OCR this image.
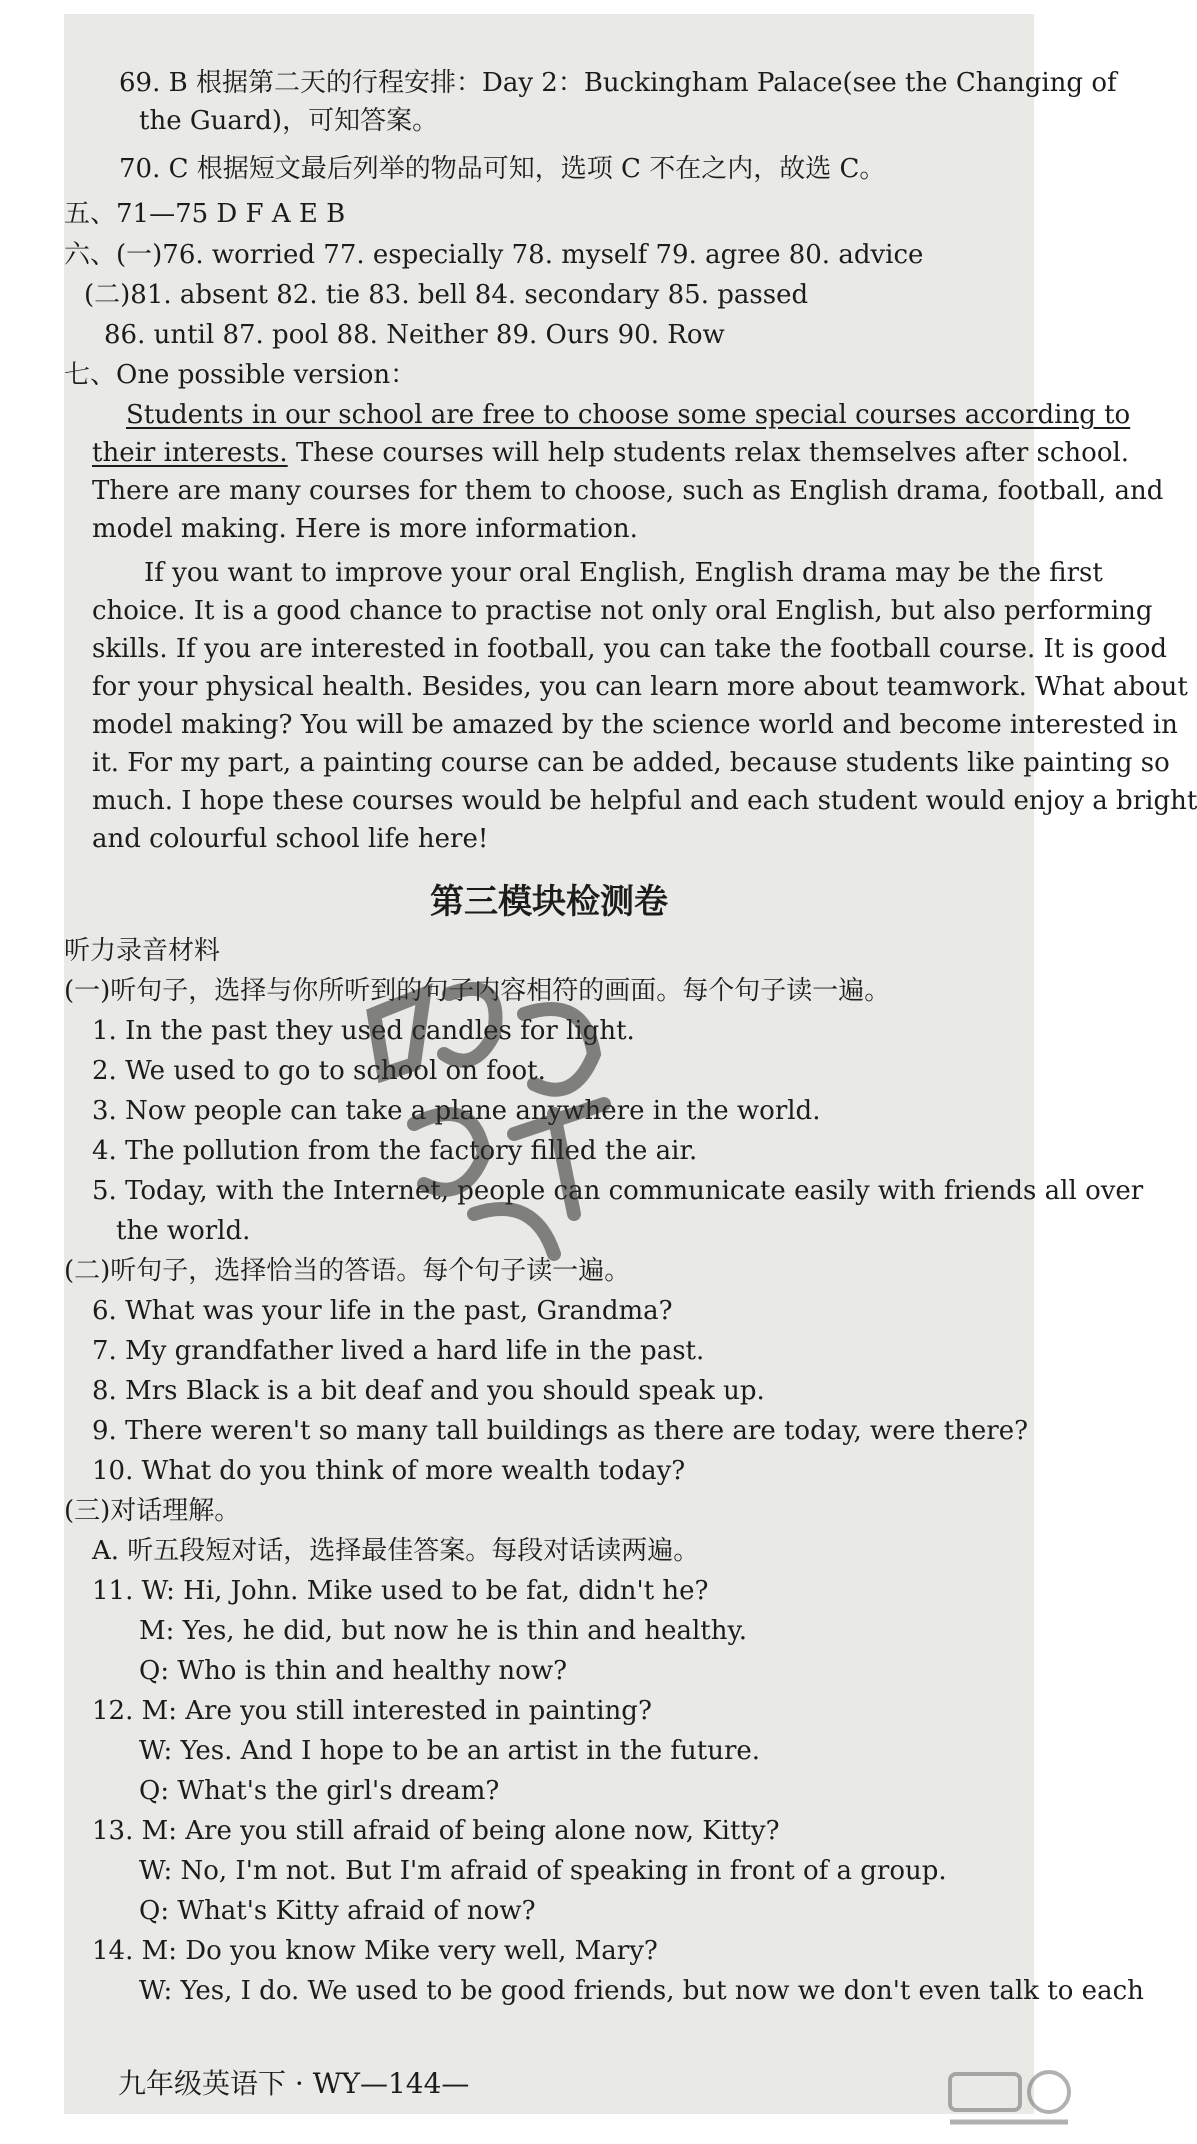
69. B 根据第二天的行程安排：Day 2：Buckingham Palace(see the Changing of
the Guard)，可知答案。
70. C 根据短文最后列举的物品可知，选项 C 不在之内，故选 C。
五、71—75 D F A E B
六、(一)76. worried 77. especially 78. myself 79. agree 80. advice
(二)81. absent 82. tie 83. bell 84. secondary 85. passed
86. until 87. pool 88. Neither 89. Ours 90. Row
七、One possible version：
Students in our school are free to choose some special courses according to
their interests. These courses will help students relax themselves after school.
There are many courses for them to choose, such as English drama, football, and
model making. Here is more information.
If you want to improve your oral English, English drama may be the first
choice. It is a good chance to practise not only oral English, but also performing
skills. If you are interested in football, you can take the football course. It is good
for your physical health. Besides, you can learn more about teamwork. What about
model making? You will be amazed by the science world and become interested in
it. For my part, a painting course can be added, because students like painting so
much. I hope these courses would be helpful and each student would enjoy a bright
and colourful school life here!
第三模块检测卷
听力录音材料
(一)听句子，选择与你所听到的句子内容相符的画面。每个句子读一遍。
1. In the past they used candles for light.
2. We used to go to school on foot.
3. Now people can take a plane anywhere in the world.
4. The pollution from the factory filled the air.
5. Today, with the Internet, people can communicate easily with friends all over
the world.
(二)听句子，选择恰当的答语。每个句子读一遍。
6. What was your life in the past, Grandma?
7. My grandfather lived a hard life in the past.
8. Mrs Black is a bit deaf and you should speak up.
9. There weren't so many tall buildings as there are today, were there?
10. What do you think of more wealth today?
(三)对话理解。
A. 听五段短对话，选择最佳答案。每段对话读两遍。
11. W: Hi, John. Mike used to be fat, didn't he?
M: Yes, he did, but now he is thin and healthy.
Q: Who is thin and healthy now?
12. M: Are you still interested in painting?
W: Yes. And I hope to be an artist in the future.
Q: What's the girl's dream?
13. M: Are you still afraid of being alone now, Kitty?
W: No, I'm not. But I'm afraid of speaking in front of a group.
Q: What's Kitty afraid of now?
14. M: Do you know Mike very well, Mary?
W: Yes, I do. We used to be good friends, but now we don't even talk to each
九年级英语下 · WY—144—
